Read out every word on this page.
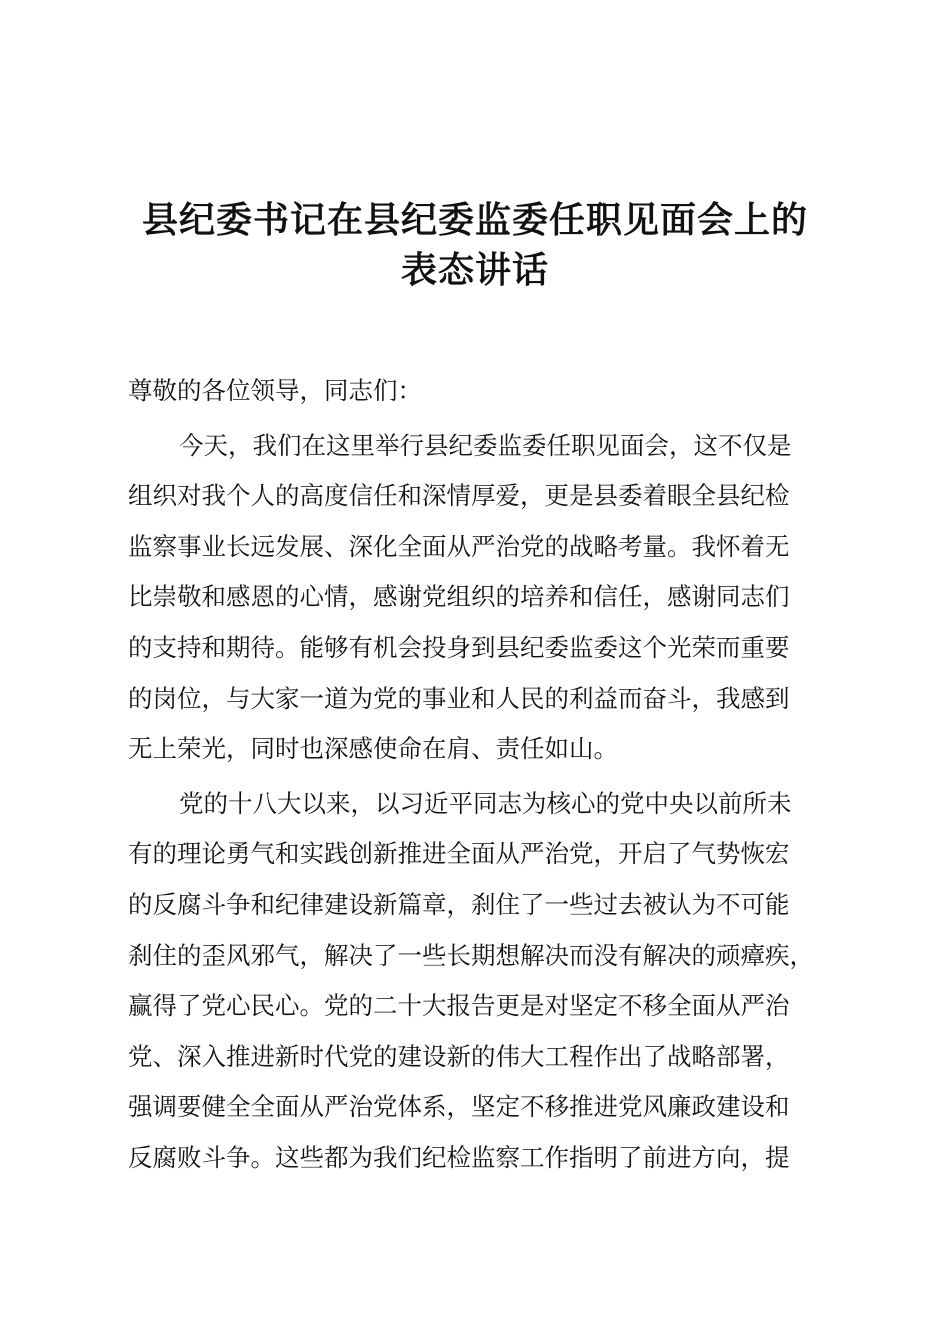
县纪委书记在县纪委监委任职见面会上的
表态讲话
尊敬的各位领导，同志们：
今天，我们在这里举行县纪委监委任职见面会，这不仅是
组织对我个人的高度信任和深情厚爱，更是县委着眼全县纪检
监察事业长远发展、深化全面从严治党的战略考量。我怀着无
比崇敬和感恩的心情，感谢党组织的培养和信任，感谢同志们
的支持和期待。能够有机会投身到县纪委监委这个光荣而重要
的岗位，与大家一道为党的事业和人民的利益而奋斗，我感到
无上荣光，同时也深感使命在肩、责任如山。
党的十八大以来，以习近平同志为核心的党中央以前所未
有的理论勇气和实践创新推进全面从严治党，开启了气势恢宏
的反腐斗争和纪律建设新篇章，刹住了一些过去被认为不可能
刹住的歪风邪气，解决了一些长期想解决而没有解决的顽瘴疾，
赢得了党心民心。党的二十大报告更是对坚定不移全面从严治
党、深入推进新时代党的建设新的伟大工程作出了战略部署，
强调要健全全面从严治党体系，坚定不移推进党风廉政建设和
反腐败斗争。这些都为我们纪检监察工作指明了前进方向，提
